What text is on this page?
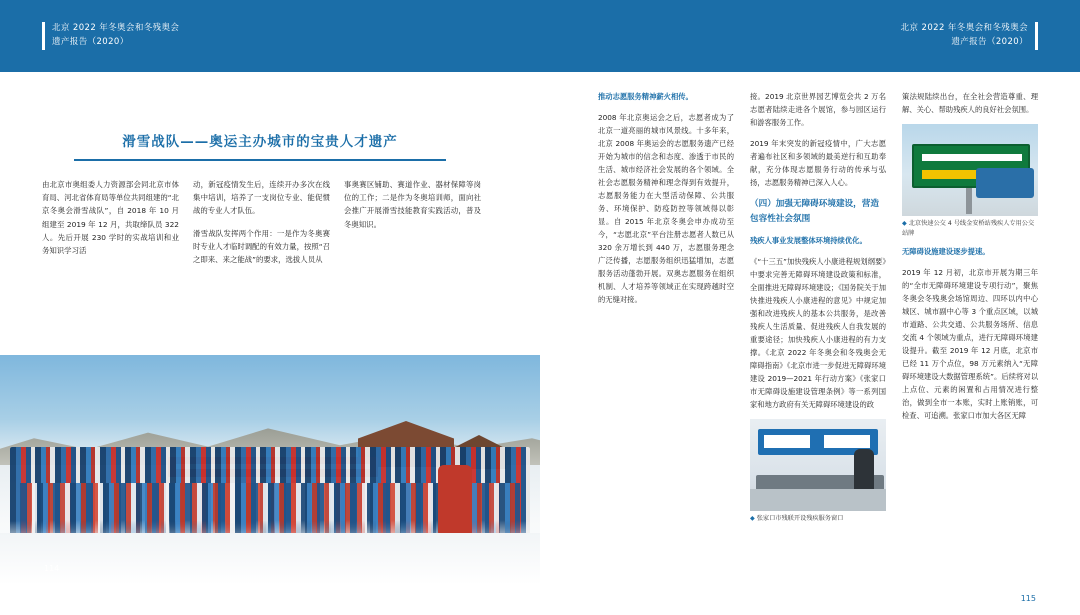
北京 2022 年冬奥会和冬残奥会
遗产报告（2020）
滑雪战队——奥运主办城市的宝贵人才遗产

由北京市奥组委人力资源部会同北京市体育局、河北省体育局等单位共同组建的“北京冬奥会滑雪战队”，自 2018 年 10 月组建至 2019 年 12 月，共取缔队员 322 人。先后开展 230 学时的实战培训和业务知识学习活

动，新冠疫情发生后，连续开办多次在线集中培训，培养了一支岗位专业、能促惯战的专业人才队伍。

滑雪战队发挥两个作用：一是作为冬奥赛时专业人才临时调配的有效力量，按照“召之即来、来之能战”的要求，选拔人员从

事奥赛区铺助、赛道作业、器材保障等岗位的工作；二是作为冬奥培训师，面向社会推广开展滑雪技能教育实践活动，普及冬奥知识。

114
北京 2022 年冬奥会和冬残奥会
遗产报告（2020）

推动志愿服务精神薪火相传。

2008 年北京奥运会之后，志愿者成为了北京一道亮丽的城市风景线。十多年来，北京 2008 年奥运会的志愿服务遗产已经开始为城市的信念和态度、渗透于市民的生活、城市经济社会发展的各个领域。全社会志愿服务精神和理念得到有效提升，志愿服务能力在大型活动保障、公共服务、环境保护、防疫防控等领域得以彰显。自 2015 年北京冬奥会申办成功至今，“志愿北京”平台注册志愿者人数已从 320 余万增长到 440 万，志愿服务理念广泛传播，志愿服务组织迅猛增加，志愿服务活动蓬勃开展。双奥志愿服务在组织机制、人才培养等领域正在实现跨越时空的无缝对接。

接。2019 北京世界园艺博览会共 2 万名志愿者陆续走进各个展馆，参与园区运行和游客服务工作。

2019 年末突发的新冠疫情中，广大志愿者遍布社区和多领域的最美逆行和互助奉献，充分体现志愿服务行动的传承与弘扬，志愿服务精神已深入人心。

（四）加强无障碍环境建设，营造包容性社会氛围

残疾人事业发展整体环境持续优化。

《“十三五”加快残疾人小康进程规划纲要》中要求完善无障碍环境建设政策和标准，全面推进无障碍环境建设；《国务院关于加快推进残疾人小康进程的意见》中规定加强和改进残疾人的基本公共服务，是改善残疾人生活质量、促进残疾人自我发展的重要途径；加快残疾人小康进程的有力支撑。《北京 2022 年冬奥会和冬残奥会无障碍指南》《北京市进一步促进无障碍环境建设 2019—2021 年行动方案》《张家口市无障碍设施建设管理条例》等一系列国家和地方政府有关无障碍环境建设的政

◆ 张家口市残联开设残疾服务窗口

策法规陆续出台，在全社会营造尊重、理解、关心、帮助残疾人的良好社会氛围。

◆ 北京快速公交 4 号线金安桥站残疾人专用公交站牌

无障碍设施建设逐步提速。

2019 年 12 月初，北京市开展为期三年的“全市无障碍环境建设专项行动”，聚焦冬奥会冬残奥会场馆周边、四环以内中心城区、城市副中心等 3 个重点区域，以城市道路、公共交通、公共服务场所、信息交流 4 个领域为重点，进行无障碍环境建设提升。截至 2019 年 12 月底，北京市已经 11 万个点位，98 万元素纳入“无障碍环境建设大数据管理系统”。后续将对以上点位、元素的闲置和占用情况进行整治，做到全市一本账，实时上账销账，可检查、可追溯。张家口市加大各区无障

115
